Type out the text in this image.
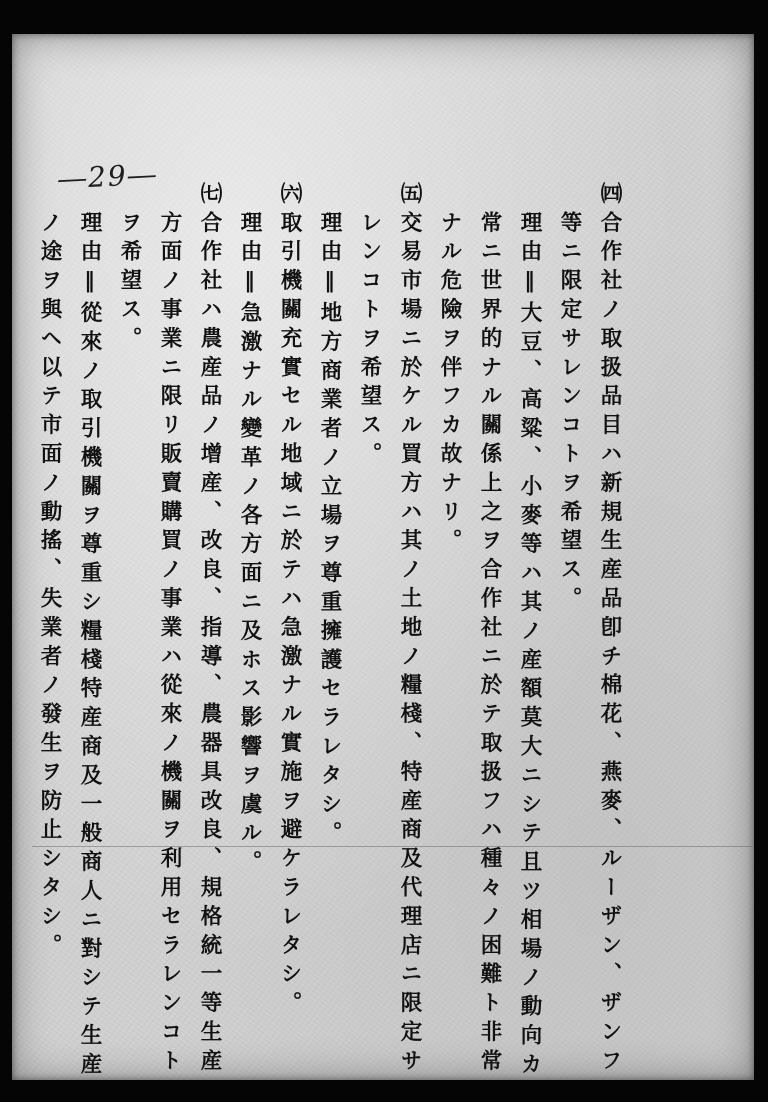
―29―
㈣合作社ノ取扱品目ハ新規生産品卽チ棉花、燕麥、ルーザン、ザンフ
　等ニ限定サレンコトヲ希望ス。
　理由‖大豆、高粱、小麥等ハ其ノ産額莫大ニシテ且ツ相場ノ動向カ
　常ニ世界的ナル關係上之ヲ合作社ニ於テ取扱フハ種々ノ困難ト非常
　ナル危險ヲ伴フカ故ナリ。
㈤交易市場ニ於ケル買方ハ其ノ土地ノ糧棧、特産商及代理店ニ限定サ
　レンコトヲ希望ス。
　理由‖地方商業者ノ立場ヲ尊重擁護セラレタシ。
㈥取引機關充實セル地域ニ於テハ急激ナル實施ヲ避ケラレタシ。
　理由‖急激ナル變革ノ各方面ニ及ホス影響ヲ虞ル。
㈦合作社ハ農産品ノ增産、改良、指導、農器具改良、規格統一等生産
　方面ノ事業ニ限リ販賣購買ノ事業ハ從來ノ機關ヲ利用セラレンコト
　ヲ希望ス。
　理由‖從來ノ取引機關ヲ尊重シ糧棧特産商及一般商人ニ對シテ生産
　ノ途ヲ與ヘ以テ市面ノ動搖、失業者ノ發生ヲ防止シタシ。
